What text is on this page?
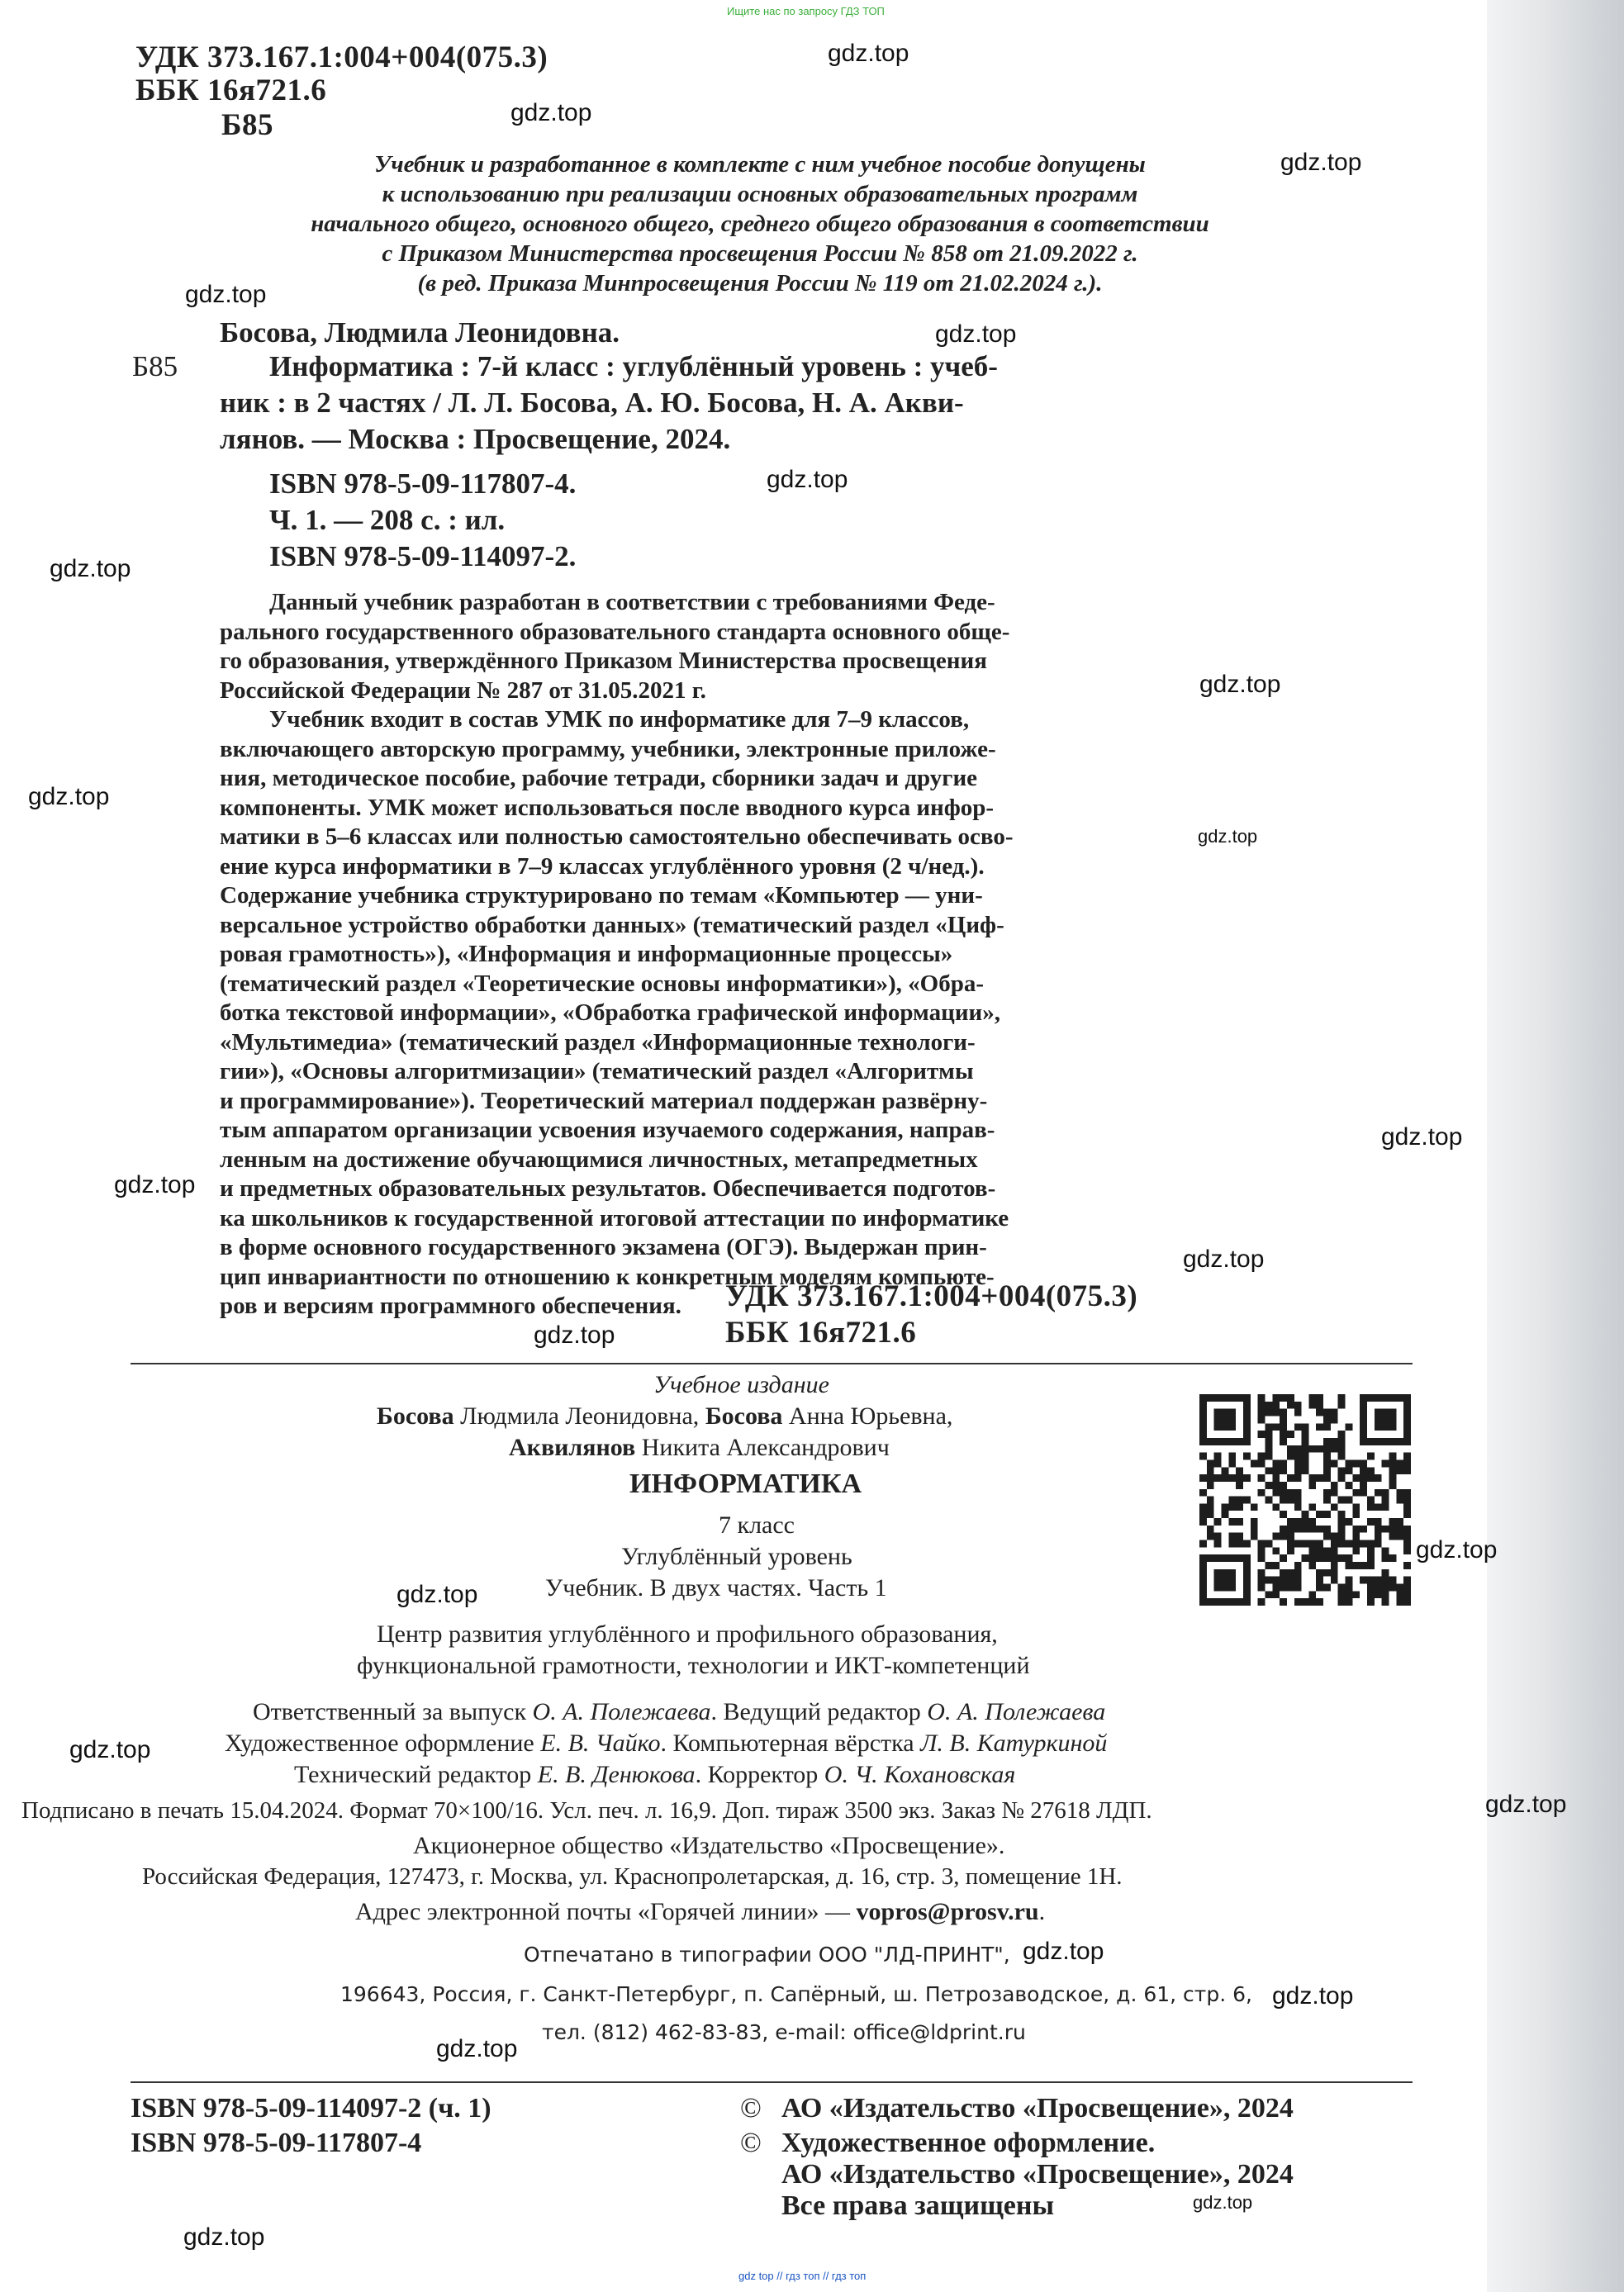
Ищите нас по запросу ГДЗ ТОП
УДК 373.167.1:004+004(075.3)
ББК 16я721.6
Б85
Учебник и разработанное в комплекте с ним учебное пособие допущены
к использованию при реализации основных образовательных программ
начального общего, основного общего, среднего общего образования в соответствии
с Приказом Министерства просвещения России № 858 от 21.09.2022 г.
(в ред. Приказа Минпросвещения России № 119 от 21.02.2024 г.).
Босова, Людмила Леонидовна.
Б85	Информатика : 7-й класс : углублённый уровень : учеб-
ник : в 2 частях / Л. Л. Босова, А. Ю. Босова, Н. А. Акви-
лянов. — Москва : Просвещение, 2024.
ISBN 978-5-09-117807-4.
Ч. 1. — 208 с. : ил.
ISBN 978-5-09-114097-2.
Данный учебник разработан в соответствии с требованиями Феде-
рального государственного образовательного стандарта основного обще-
го образования, утверждённого Приказом Министерства просвещения
Российской Федерации № 287 от 31.05.2021 г.
Учебник входит в состав УМК по информатике для 7–9 классов,
включающего авторскую программу, учебники, электронные приложе-
ния, методическое пособие, рабочие тетради, сборники задач и другие
компоненты. УМК может использоваться после вводного курса инфор-
матики в 5–6 классах или полностью самостоятельно обеспечивать осво-
ение курса информатики в 7–9 классах углублённого уровня (2 ч/нед.).
Содержание учебника структурировано по темам «Компьютер — уни-
версальное устройство обработки данных» (тематический раздел «Циф-
ровая грамотность»), «Информация и информационные процессы»
(тематический раздел «Теоретические основы информатики»), «Обра-
ботка текстовой информации», «Обработка графической информации»,
«Мультимедиа» (тематический раздел «Информационные технологи-
гии»), «Основы алгоритмизации» (тематический раздел «Алгоритмы
и программирование»). Теоретический материал поддержан развёрну-
тым аппаратом организации усвоения изучаемого содержания, направ-
ленным на достижение обучающимися личностных, метапредметных
и предметных образовательных результатов. Обеспечивается подготов-
ка школьников к государственной итоговой аттестации по информатике
в форме основного государственного экзамена (ОГЭ). Выдержан прин-
цип инвариантности по отношению к конкретным моделям компьюте-
ров и версиям программного обеспечения.	УДК 373.167.1:004+004(075.3)
ББК 16я721.6
Учебное издание
Босова Людмила Леонидовна, Босова Анна Юрьевна,
Аквилянов Никита Александрович
ИНФОРМАТИКА
7 класс
Углублённый уровень
Учебник. В двух частях. Часть 1
Центр развития углублённого и профильного образования,
функциональной грамотности, технологии и ИКТ-компетенций
Ответственный за выпуск О. А. Полежаева. Ведущий редактор О. А. Полежаева
Художественное оформление Е. В. Чайко. Компьютерная вёрстка Л. В. Катуркиной
Технический редактор Е. В. Денюкова. Корректор О. Ч. Кохановская
Подписано в печать 15.04.2024. Формат 70×100/16. Усл. печ. л. 16,9. Доп. тираж 3500 экз. Заказ № 27618 ЛДП.
Акционерное общество «Издательство «Просвещение».
Российская Федерация, 127473, г. Москва, ул. Краснопролетарская, д. 16, стр. 3, помещение 1Н.
Адрес электронной почты «Горячей линии» — vopros@prosv.ru.
Отпечатано в типографии ООО "ЛД-ПРИНТ",
196643, Россия, г. Санкт-Петербург, п. Сапёрный, ш. Петрозаводское, д. 61, стр. 6,
тел. (812) 462-83-83, e-mail: office@ldprint.ru
ISBN 978-5-09-114097-2 (ч. 1)
ISBN 978-5-09-117807-4
© АО «Издательство «Просвещение», 2024
© Художественное оформление.
АО «Издательство «Просвещение», 2024
Все права защищены
gdz.top
gdz.top
gdz.top
gdz.top
gdz.top
gdz.top
gdz.top
gdz.top
gdz.top
gdz.top
gdz.top
gdz.top
gdz.top
gdz.top
gdz.top
gdz.top
gdz.top
gdz.top
gdz.top
gdz.top
gdz.top
gdz.top
gdz.top
gdz top // гдз топ // гдз топ
